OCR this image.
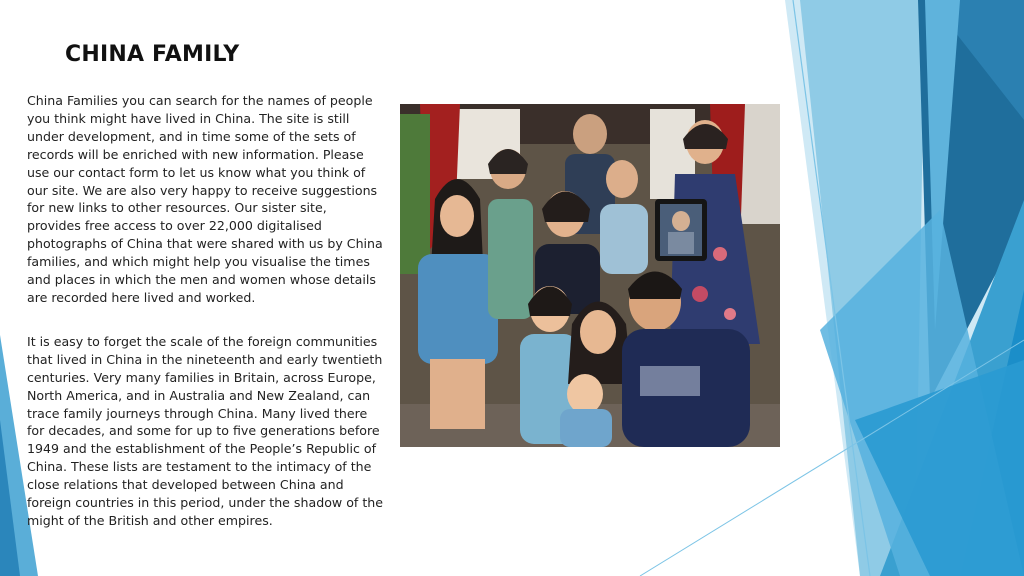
CHINA FAMILY

China Families you can search for the names of people you think might have lived in China. The site is still under development, and in time some of the sets of records will be enriched with new information. Please use our contact form to let us know what you think of our site. We are also very happy to receive suggestions for new links to other resources. Our sister site, provides free access to over 22,000 digitalised photographs of China that were shared with us by China families, and which might help you visualise the times and places in which the men and women whose details are recorded here lived and worked.

It is easy to forget the scale of the foreign communities that lived in China in the nineteenth and early twentieth centuries. Very many families in Britain, across Europe, North America, and in Australia and New Zealand, can trace family journeys through China. Many lived there for decades, and some for up to five generations before 1949 and the establishment of the People’s Republic of China. These lists are testament to the intimacy of the close relations that developed between China and foreign countries in this period, under the shadow of the might of the British and other empires.
